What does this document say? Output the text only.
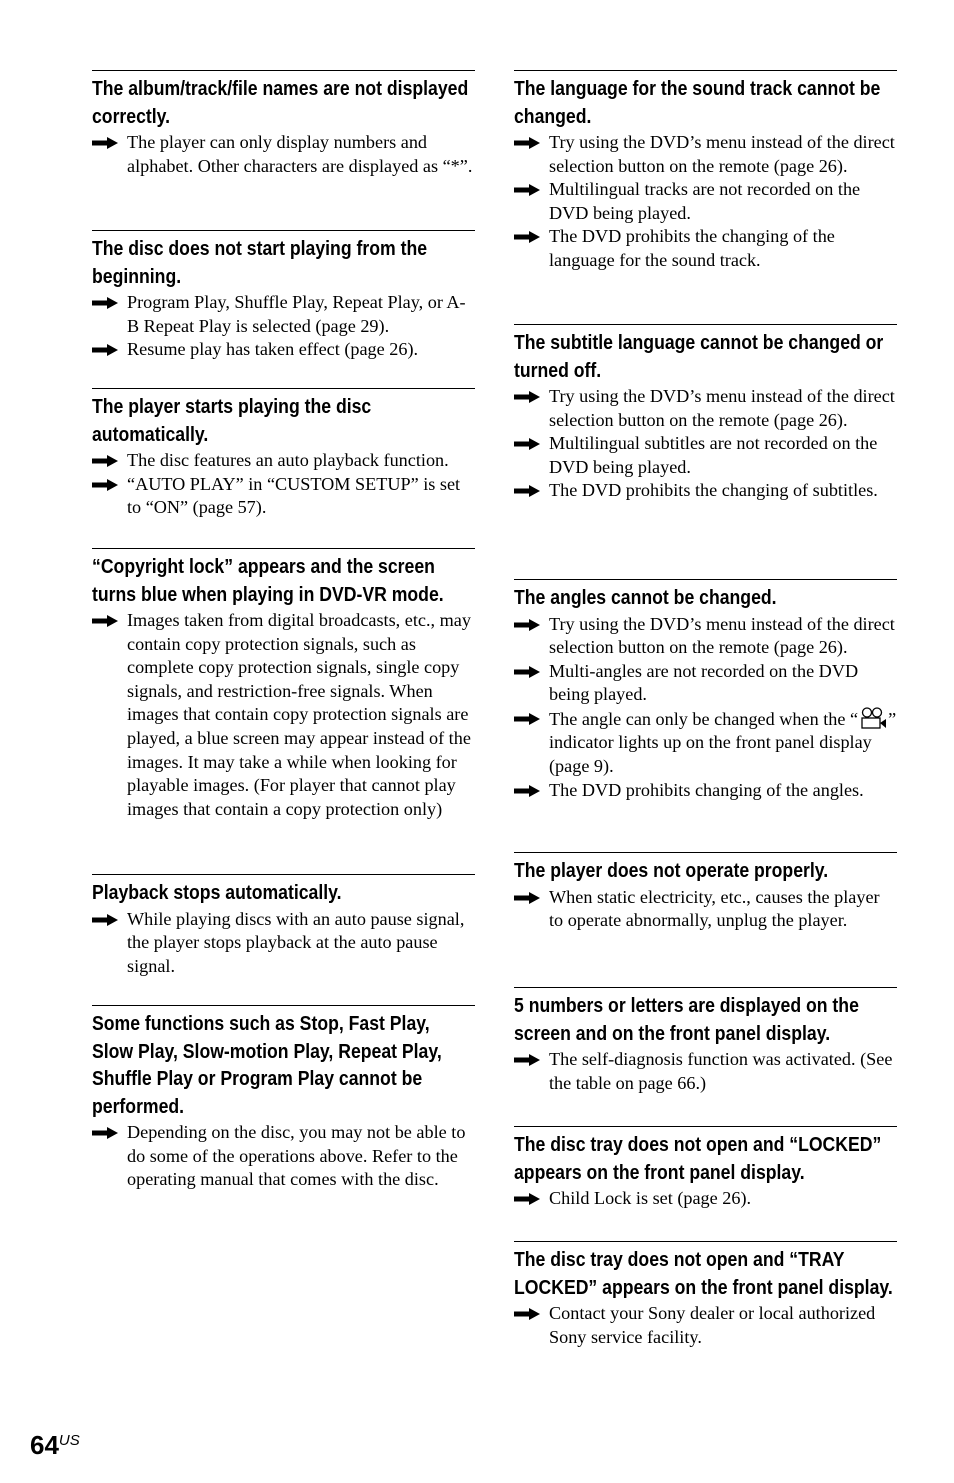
The album/track/file names are not displayed correctly.
The player can only display numbers and alphabet. Other characters are displayed as “*”.
The disc does not start playing from the beginning.
Program Play, Shuffle Play, Repeat Play, or A-B Repeat Play is selected (page 29).
Resume play has taken effect (page 26).
The player starts playing the disc automatically.
The disc features an auto playback function.
“AUTO PLAY” in “CUSTOM SETUP” is set to “ON” (page 57).
“Copyright lock” appears and the screen turns blue when playing in DVD-VR mode.
Images taken from digital broadcasts, etc., may contain copy protection signals, such as complete copy protection signals, single copy signals, and restriction-free signals. When images that contain copy protection signals are played, a blue screen may appear instead of the images. It may take a while when looking for playable images. (For player that cannot play images that contain a copy protection only)
Playback stops automatically.
While playing discs with an auto pause signal, the player stops playback at the auto pause signal.
Some functions such as Stop, Fast Play, Slow Play, Slow-motion Play, Repeat Play, Shuffle Play or Program Play cannot be performed.
Depending on the disc, you may not be able to do some of the operations above. Refer to the operating manual that comes with the disc.
The language for the sound track cannot be changed.
Try using the DVD’s menu instead of the direct selection button on the remote (page 26).
Multilingual tracks are not recorded on the DVD being played.
The DVD prohibits the changing of the language for the sound track.
The subtitle language cannot be changed or turned off.
Try using the DVD’s menu instead of the direct selection button on the remote (page 26).
Multilingual subtitles are not recorded on the DVD being played.
The DVD prohibits the changing of subtitles.
The angles cannot be changed.
Try using the DVD’s menu instead of the direct selection button on the remote (page 26).
Multi-angles are not recorded on the DVD being played.
The angle can only be changed when the “ ” indicator lights up on the front panel display (page 9).
The DVD prohibits changing of the angles.
The player does not operate properly.
When static electricity, etc., causes the player to operate abnormally, unplug the player.
5 numbers or letters are displayed on the screen and on the front panel display.
The self-diagnosis function was activated. (See the table on page 66.)
The disc tray does not open and “LOCKED” appears on the front panel display.
Child Lock is set (page 26).
The disc tray does not open and “TRAY LOCKED” appears on the front panel display.
Contact your Sony dealer or local authorized Sony service facility.
$64^{US}$
